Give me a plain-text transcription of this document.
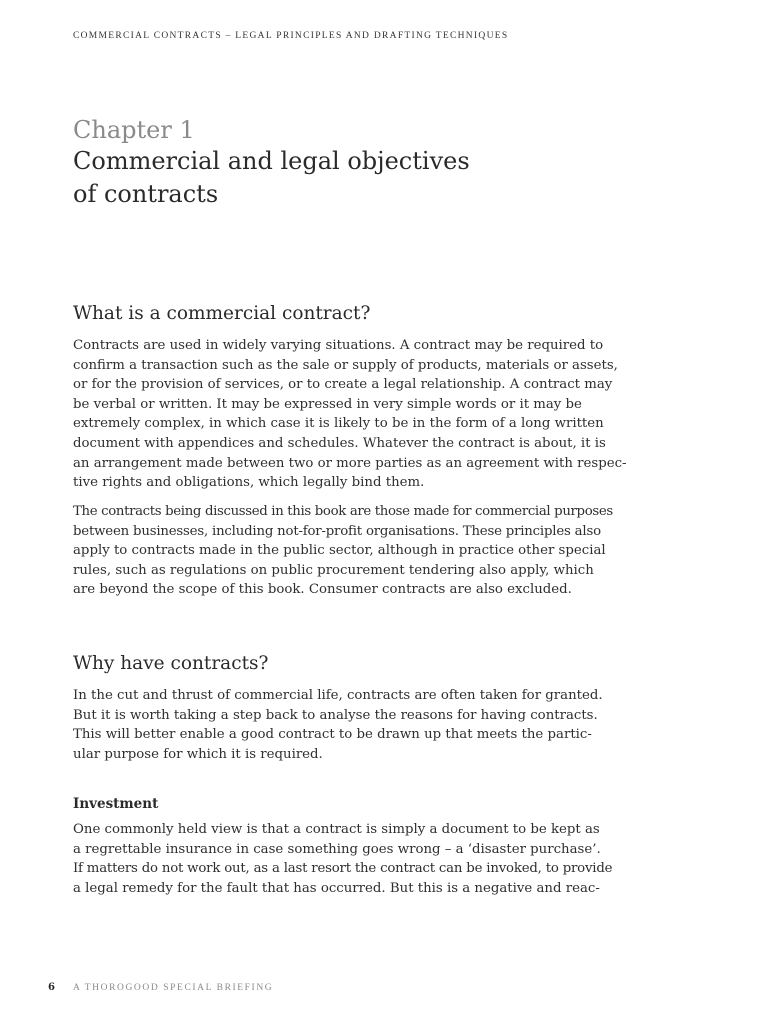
COMMERCIAL CONTRACTS – LEGAL PRINCIPLES AND DRAFTING TECHNIQUES
Chapter 1
Commercial and legal objectives
of contracts
What is a commercial contract?

Contracts are used in widely varying situations. A contract may be required to
confirm a transaction such as the sale or supply of products, materials or assets,
or for the provision of services, or to create a legal relationship. A contract may
be verbal or written. It may be expressed in very simple words or it may be
extremely complex, in which case it is likely to be in the form of a long written
document with appendices and schedules. Whatever the contract is about, it is
an arrangement made between two or more parties as an agreement with respec-
tive rights and obligations, which legally bind them.

The contracts being discussed in this book are those made for commercial purposes
between businesses, including not-for-profit organisations. These principles also
apply to contracts made in the public sector, although in practice other special
rules, such as regulations on public procurement tendering also apply, which
are beyond the scope of this book. Consumer contracts are also excluded.

Why have contracts?

In the cut and thrust of commercial life, contracts are often taken for granted.
But it is worth taking a step back to analyse the reasons for having contracts.
This will better enable a good contract to be drawn up that meets the partic-
ular purpose for which it is required.

Investment

One commonly held view is that a contract is simply a document to be kept as
a regrettable insurance in case something goes wrong – a ‘disaster purchase’.
If matters do not work out, as a last resort the contract can be invoked, to provide
a legal remedy for the fault that has occurred. But this is a negative and reac-

6 A THOROGOOD SPECIAL BRIEFING
